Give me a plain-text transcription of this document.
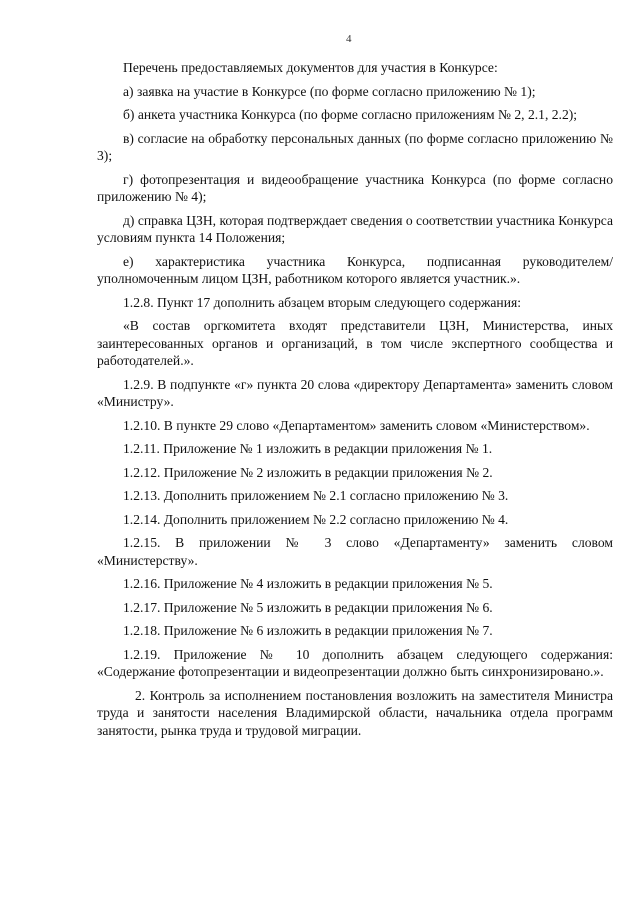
4

Перечень предоставляемых документов для участия в Конкурсе:

а) заявка на участие в Конкурсе (по форме согласно приложению № 1);

б) анкета участника Конкурса (по форме согласно приложениям № 2, 2.1, 2.2);

в) согласие на обработку персональных данных (по форме согласно приложению № 3);

г) фотопрезентация и видеообращение участника Конкурса (по форме согласно приложению № 4);

д) справка ЦЗН, которая подтверждает сведения о соответствии участника Конкурса условиям пункта 14 Положения;

е) характеристика участника Конкурса, подписанная руководителем/уполномоченным лицом ЦЗН, работником которого является участник.».

1.2.8. Пункт 17 дополнить абзацем вторым следующего содержания:

«В состав оргкомитета входят представители ЦЗН, Министерства, иных заинтересованных органов и организаций, в том числе экспертного сообщества и работодателей.».

1.2.9. В подпункте «г» пункта 20 слова «директору Департамента» заменить словом «Министру».

1.2.10. В пункте 29 слово «Департаментом» заменить словом «Министерством».

1.2.11. Приложение № 1 изложить в редакции приложения № 1.

1.2.12. Приложение № 2 изложить в редакции приложения № 2.

1.2.13. Дополнить приложением № 2.1 согласно приложению № 3.

1.2.14. Дополнить приложением № 2.2 согласно приложению № 4.

1.2.15. В приложении № 3 слово «Департаменту» заменить словом «Министерству».

1.2.16. Приложение № 4 изложить в редакции приложения № 5.

1.2.17. Приложение № 5 изложить в редакции приложения № 6.

1.2.18. Приложение № 6 изложить в редакции приложения № 7.

1.2.19. Приложение № 10 дополнить абзацем следующего содержания: «Содержание фотопрезентации и видеопрезентации должно быть синхронизировано.».

2. Контроль за исполнением постановления возложить на заместителя Министра труда и занятости населения Владимирской области, начальника отдела программ занятости, рынка труда и трудовой миграции.
